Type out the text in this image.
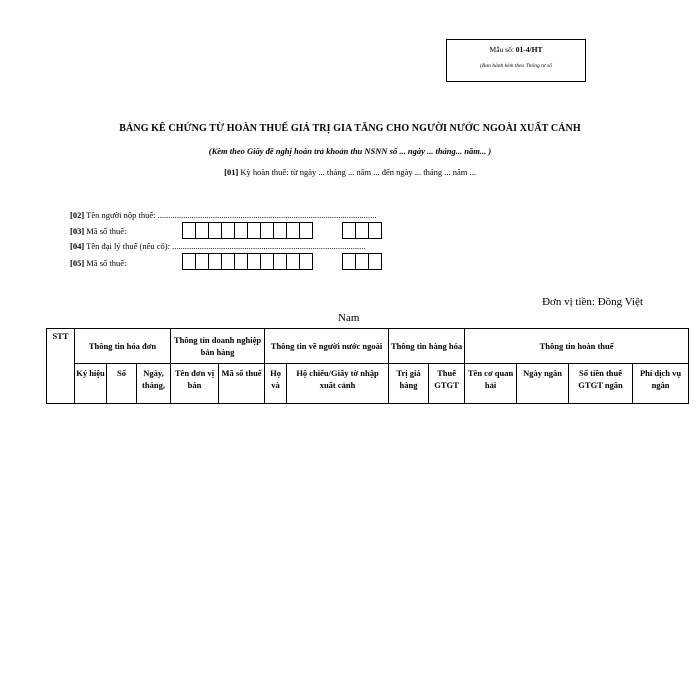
Mẫu số: 01-4/HT
(Ban hành kèm theo Thông tư số
BẢNG KÊ CHỨNG TỪ HOÀN THUẾ GIÁ TRỊ GIA TĂNG CHO NGƯỜI NƯỚC NGOÀI XUẤT CẢNH
(Kèm theo Giấy đề nghị hoàn trả khoản thu NSNN số ... ngày ... tháng... năm... )
[01] Kỳ hoàn thuế: từ ngày ... tháng ... năm ... đến ngày ... tháng ... năm ...
[02] Tên người nộp thuế: .......................................................................................................
[03] Mã số thuế:
[04] Tên đại lý thuế (nếu có): ...........................................................................................
[05] Mã số thuế:
Đơn vị tiền: Đồng Việt
Nam
STT	Thông tin hóa đơn			Thông tin doanh nghiệp bán hàng		Thông tin về người nước ngoài		Thông tin hàng hóa		Thông tin hoàn thuế			
	Ký hiệu	Số	Ngày, tháng,	Tên đơn vị bán	Mã số thuế	Họ và	Hộ chiếu/Giấy tờ nhập xuất cảnh	Trị giá hàng	Thuế GTGT	Tên cơ quan hải	Ngày ngân	Số tiền thuế GTGT ngân	Phí dịch vụ ngân
